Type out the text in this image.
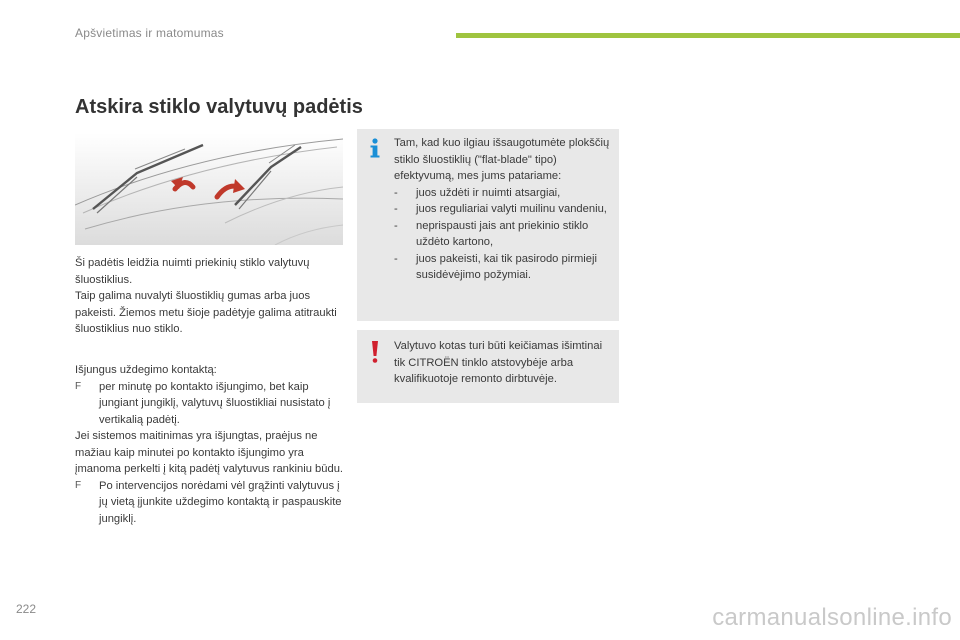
Apšvietimas ir matomumas
Atskira stiklo valytuvų padėtis

Ši padėtis leidžia nuimti priekinių stiklo valytuvų šluostiklius.

Taip galima nuvalyti šluostiklių gumas arba juos pakeisti. Žiemos metu šioje padėtyje galima atitraukti šluostiklius nuo stiklo.

Išjungus uždegimo kontaktą:

F per minutę po kontakto išjungimo, bet kaip jungiant jungiklį, valytuvų šluostikliai nusistato į vertikalią padėtį.

Jei sistemos maitinimas yra išjungtas, praėjus ne mažiau kaip minutei po kontakto išjungimo yra įmanoma perkelti į kitą padėtį valytuvus rankiniu būdu.

F Po intervencijos norėdami vėl grąžinti valytuvus į jų vietą įjunkite uždegimo kontaktą ir paspauskite jungiklį.

Tam, kad kuo ilgiau išsaugotumėte plokščių stiklo šluostiklių ("flat-blade" tipo) efektyvumą, mes jums patariame:

- juos uždėti ir nuimti atsargiai,
- juos reguliariai valyti muilinu vandeniu,
- neprispausti jais ant priekinio stiklo uždėto kartono,
- juos pakeisti, kai tik pasirodo pirmieji susidėvėjimo požymiai.
Valytuvo kotas turi būti keičiamas išimtinai tik CITROËN tinklo atstovybėje arba kvalifikuotoje remonto dirbtuvėje.
222	carmanualsonline.info
